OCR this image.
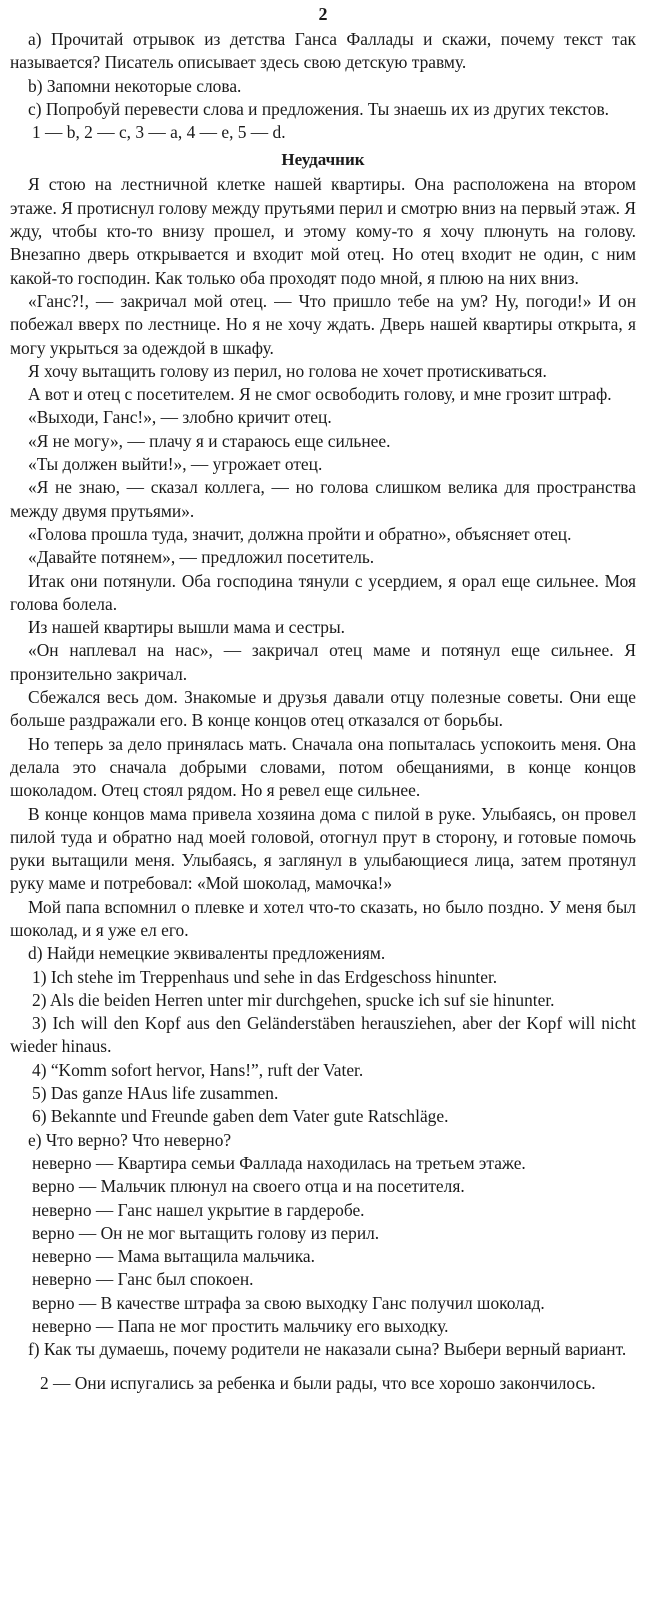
2

а) Прочитай отрывок из детства Ганса Фаллады и скажи, почему текст так называется? Писатель описывает здесь свою детскую травму.

b) Запомни некоторые слова.

с) Попробуй перевести слова и предложения. Ты знаешь их из других текстов.

1 — b, 2 — c, 3 — a, 4 — e, 5 — d.

Неудачник

Я стою на лестничной клетке нашей квартиры. Она расположена на втором этаже. Я протиснул голову между прутьями перил и смотрю вниз на первый этаж. Я жду, чтобы кто-то внизу прошел, и этому кому-то я хочу плюнуть на голову. Внезапно дверь открывается и входит мой отец. Но отец входит не один, с ним какой-то господин. Как только оба проходят подо мной, я плюю на них вниз.

«Ганс?!, — закричал мой отец. — Что пришло тебе на ум? Ну, погоди!» И он побежал вверх по лестнице. Но я не хочу ждать. Дверь нашей квартиры открыта, я могу укрыться за одеждой в шкафу.

Я хочу вытащить голову из перил, но голова не хочет протискиваться.

А вот и отец с посетителем. Я не смог освободить голову, и мне грозит штраф.

«Выходи, Ганс!», — злобно кричит отец.

«Я не могу», — плачу я и стараюсь еще сильнее.

«Ты должен выйти!», — угрожает отец.

«Я не знаю, — сказал коллега, — но голова слишком велика для пространства между двумя прутьями».

«Голова прошла туда, значит, должна пройти и обратно», объясняет отец.

«Давайте потянем», — предложил посетитель.

Итак они потянули. Оба господина тянули с усердием, я орал еще сильнее. Моя голова болела.

Из нашей квартиры вышли мама и сестры.

«Он наплевал на нас», — закричал отец маме и потянул еще сильнее. Я пронзительно закричал.

Сбежался весь дом. Знакомые и друзья давали отцу полезные советы. Они еще больше раздражали его. В конце концов отец отказался от борьбы.

Но теперь за дело принялась мать. Сначала она попыталась успокоить меня. Она делала это сначала добрыми словами, потом обещаниями, в конце концов шоколадом. Отец стоял рядом. Но я ревел еще сильнее.

В конце концов мама привела хозяина дома с пилой в руке. Улыбаясь, он провел пилой туда и обратно над моей головой, отогнул прут в сторону, и готовые помочь руки вытащили меня. Улыбаясь, я заглянул в улыбающиеся лица, затем протянул руку маме и потребовал: «Мой шоколад, мамочка!»

Мой папа вспомнил о плевке и хотел что-то сказать, но было поздно. У меня был шоколад, и я уже ел его.

d) Найди немецкие эквиваленты предложениям.

1) Ich stehe im Treppenhaus und sehe in das Erdgeschoss hinunter.

2) Als die beiden Herren unter mir durchgehen, spucke ich suf sie hinunter.

3) Ich will den Kopf aus den Geländerstäben herausziehen, aber der Kopf will nicht wieder hinaus.

4) “Komm sofort hervor, Hans!”, ruft der Vater.

5) Das ganze HAus life zusammen.

6) Bekannte und Freunde gaben dem Vater gute Ratschläge.

е) Что верно? Что неверно?

неверно — Квартира семьи Фаллада находилась на третьем этаже.

верно — Мальчик плюнул на своего отца и на посетителя.

неверно — Ганс нашел укрытие в гардеробе.

верно — Он не мог вытащить голову из перил.

неверно — Мама вытащила мальчика.

неверно — Ганс был спокоен.

верно — В качестве штрафа за свою выходку Ганс получил шоколад.

неверно — Папа не мог простить мальчику его выходку.

f) Как ты думаешь, почему родители не наказали сына? Выбери верный вариант.

2 — Они испугались за ребенка и были рады, что все хорошо закончилось.
